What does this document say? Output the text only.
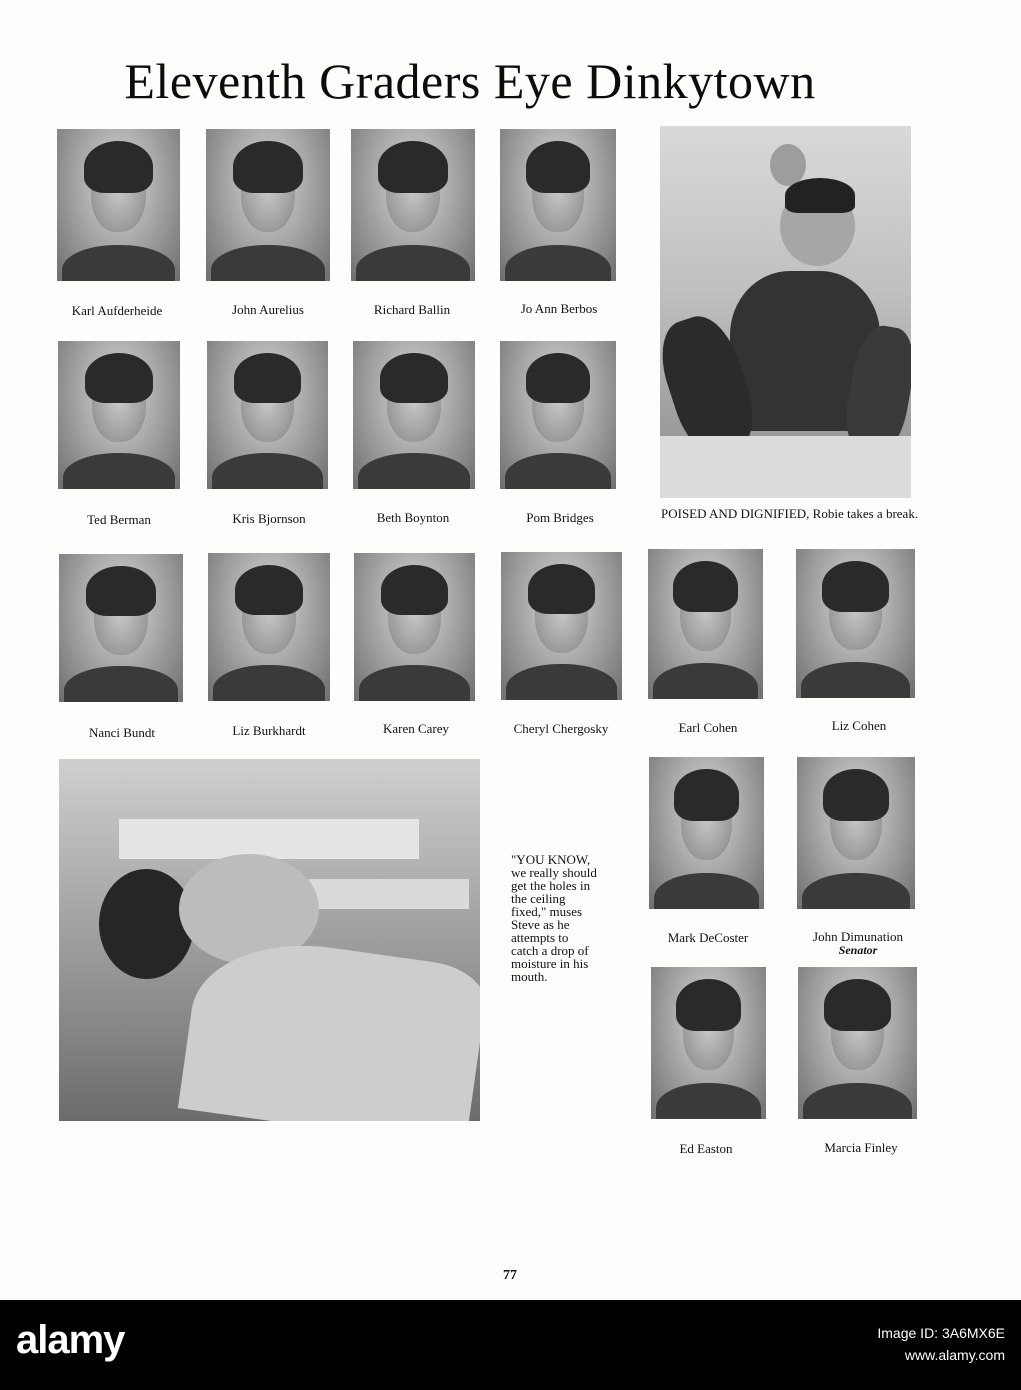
Eleventh Graders Eye Dinkytown
Karl Aufderheide	John Aurelius	Richard Ballin	Jo Ann Berbos
POISED AND DIGNIFIED, Robie takes a break.
Ted Berman	Kris Bjornson	Beth Boynton	Pom Bridges
Nanci Bundt	Liz Burkhardt	Karen Carey	Cheryl Chergosky	Earl Cohen	Liz Cohen
"YOU KNOW, we really should get the holes in the ceiling fixed," muses Steve as he attempts to catch a drop of moisture in his mouth.
Mark DeCoster	John Dimunation
Senator
Ed Easton	Marcia Finley
77
alamy	Image ID: 3A6MX6E
www.alamy.com
